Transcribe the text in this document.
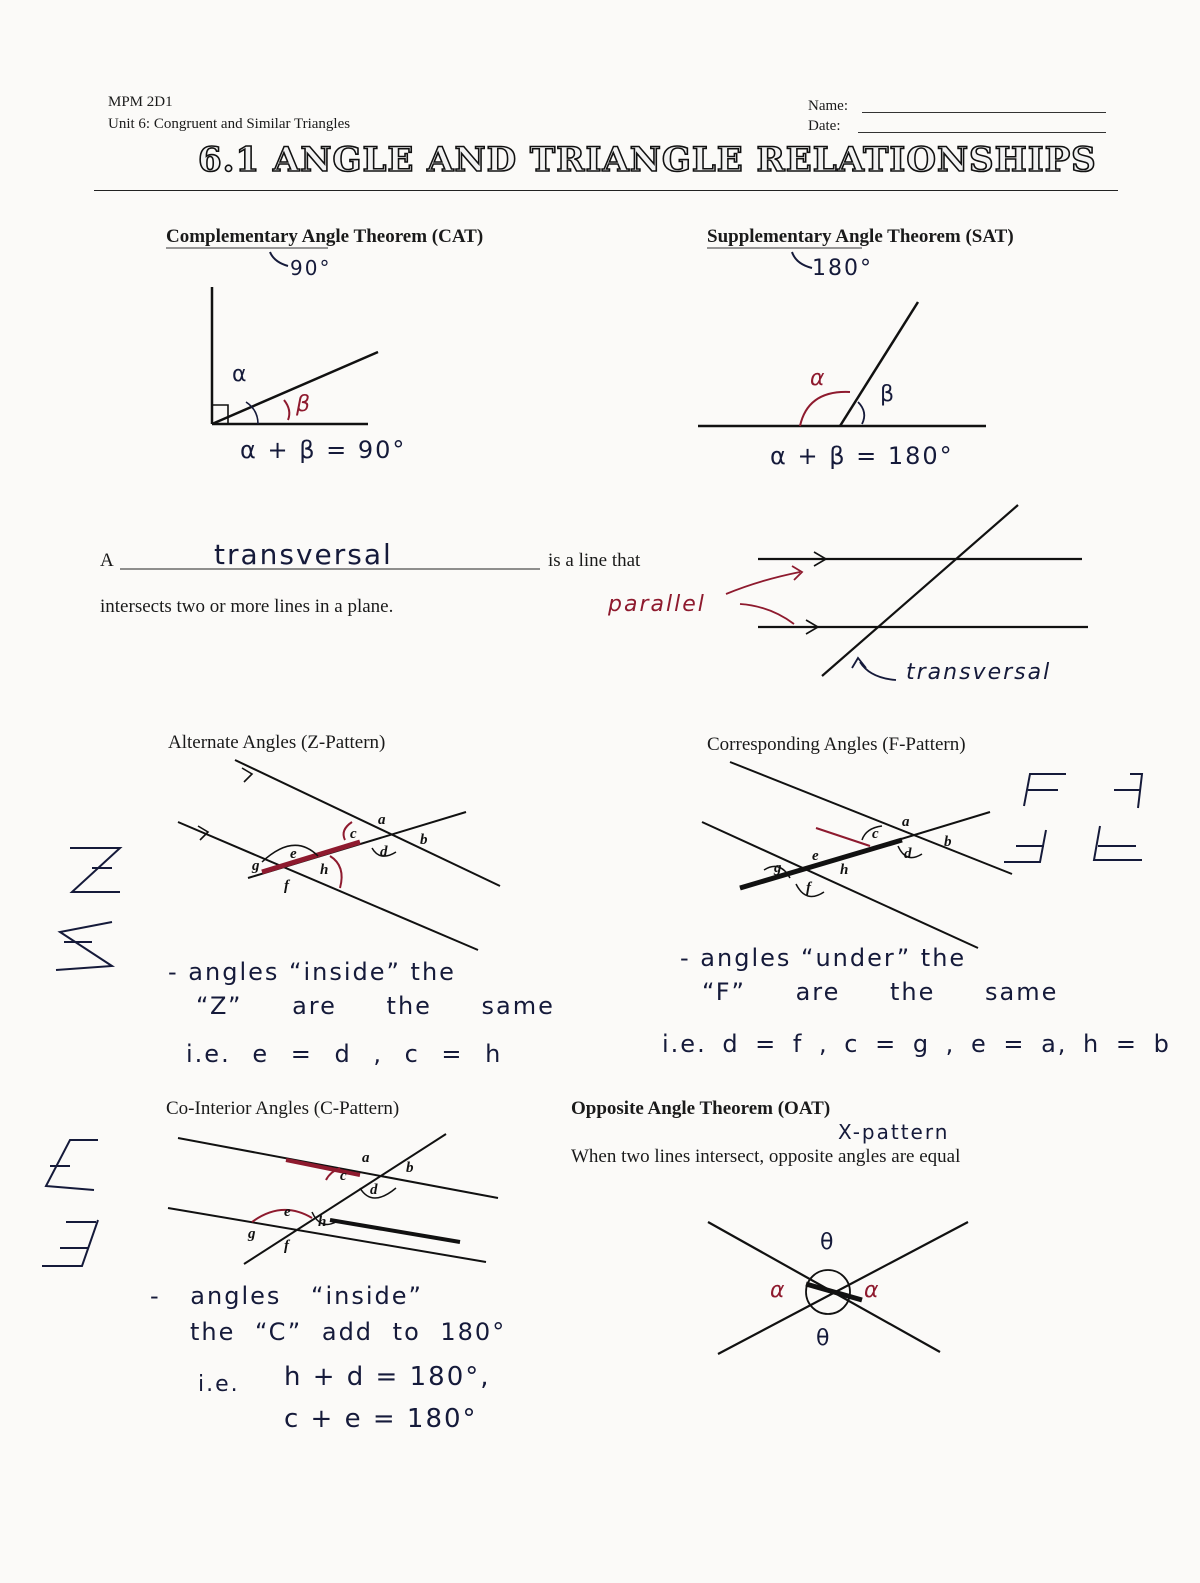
MPM 2D1
Unit 6: Congruent and Similar Triangles
Name:
Date:
6.1 ANGLE AND TRIANGLE RELATIONSHIPS
Complementary Angle Theorem (CAT)
90°
Supplementary Angle Theorem (SAT)
180°
α
β
α + β = 90°
α
β
α + β = 180°
A	transversal	is a line that
intersects two or more lines in a plane.	parallel
transversal
Alternate Angles (Z-Pattern)
a
b
c
d
e
f
g	h
- angles “inside” the
“Z” are the same
i.e. e = d , c = h
Corresponding Angles (F-Pattern)
a
b
c
d
e
f
g	h
- angles “under” the
“F” are the same
i.e. d = f , c = g , e = a, h = b
Co-Interior Angles (C-Pattern)
a
b
c
d
e
f
g
h
- angles “inside”
the “C” add to 180°
i.e. h + d = 180°,
c + e = 180°
Opposite Angle Theorem (OAT)
X-pattern
When two lines intersect, opposite angles are equal
θ
θ
α	α
